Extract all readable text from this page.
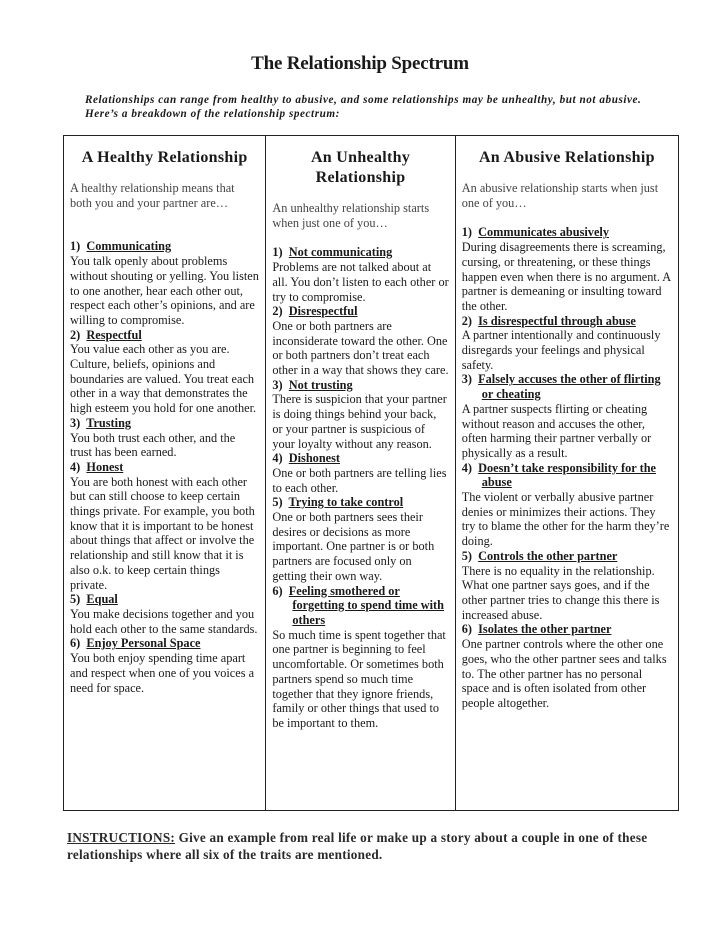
The Relationship Spectrum
Relationships can range from healthy to abusive, and some relationships may be unhealthy, but not abusive. Here’s a breakdown of the relationship spectrum:
A Healthy Relationship
A healthy relationship means that both you and your partner are…
1) Communicating

You talk openly about problems without shouting or yelling. You listen to one another, hear each other out, respect each other’s opinions, and are willing to compromise.

2) Respectful

You value each other as you are. Culture, beliefs, opinions and boundaries are valued. You treat each other in a way that demonstrates the high esteem you hold for one another.

3) Trusting

You both trust each other, and the trust has been earned.

4) Honest

You are both honest with each other but can still choose to keep certain things private. For example, you both know that it is important to be honest about things that affect or involve the relationship and still know that it is also o.k. to keep certain things private.

5) Equal

You make decisions together and you hold each other to the same standards.

6) Enjoy Personal Space

You both enjoy spending time apart and respect when one of you voices a need for space.

An Unhealthy Relationship
An unhealthy relationship starts when just one of you…
1) Not communicating

Problems are not talked about at all. You don’t listen to each other or try to compromise.

2) Disrespectful

One or both partners are inconsiderate toward the other. One or both partners don’t treat each other in a way that shows they care.

3) Not trusting

There is suspicion that your partner is doing things behind your back, or your partner is suspicious of your loyalty without any reason.

4) Dishonest

One or both partners are telling lies to each other.

5) Trying to take control

One or both partners sees their desires or decisions as more important. One partner is or both partners are focused only on getting their own way.

6) Feeling smothered or forgetting to spend time with others

So much time is spent together that one partner is beginning to feel uncomfortable. Or sometimes both partners spend so much time together that they ignore friends, family or other things that used to be important to them.

An Abusive Relationship
An abusive relationship starts when just one of you…
1) Communicates abusively

During disagreements there is screaming, cursing, or threatening, or these things happen even when there is no argument. A partner is demeaning or insulting toward the other.

2) Is disrespectful through abuse

A partner intentionally and continuously disregards your feelings and physical safety.

3) Falsely accuses the other of flirting or cheating

A partner suspects flirting or cheating without reason and accuses the other, often harming their partner verbally or physically as a result.

4) Doesn’t take responsibility for the abuse

The violent or verbally abusive partner denies or minimizes their actions. They try to blame the other for the harm they’re doing.

5) Controls the other partner

There is no equality in the relationship. What one partner says goes, and if the other partner tries to change this there is increased abuse.

6) Isolates the other partner

One partner controls where the other one goes, who the other partner sees and talks to. The other partner has no personal space and is often isolated from other people altogether.

INSTRUCTIONS: Give an example from real life or make up a story about a couple in one of these relationships where all six of the traits are mentioned.
